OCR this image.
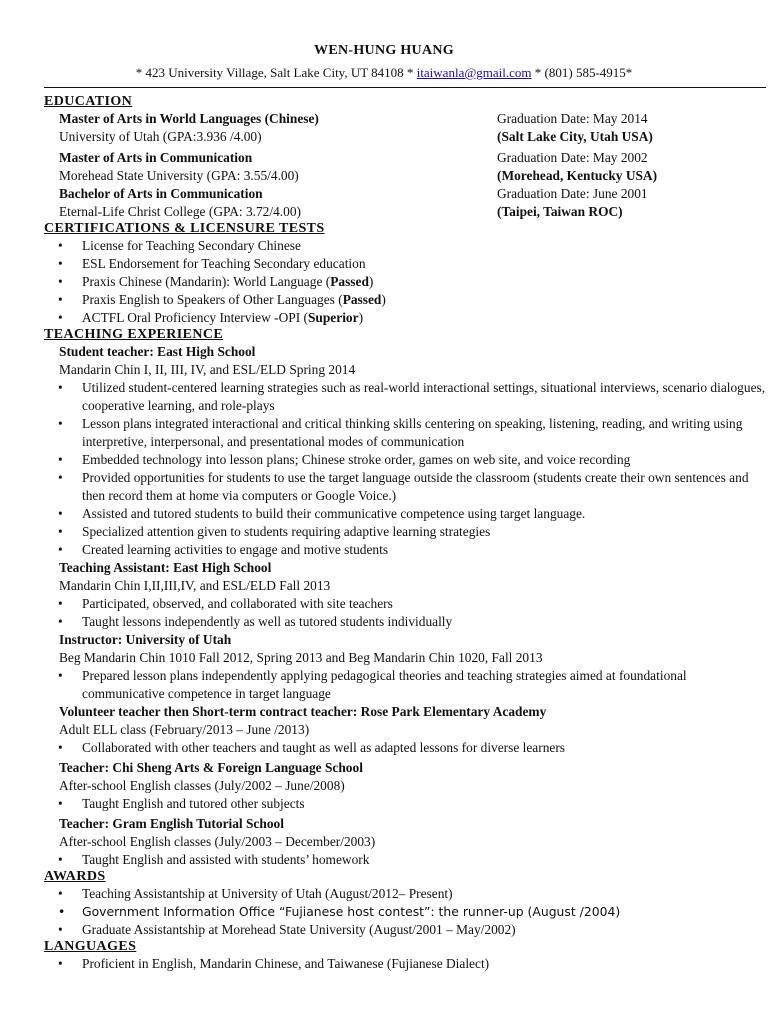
WEN-HUNG HUANG
* 423 University Village, Salt Lake City, UT 84108 * itaiwanla@gmail.com * (801) 585-4915*
EDUCATION
Master of Arts in World Languages (Chinese)	Graduation Date: May 2014
University of Utah (GPA:3.936 /4.00)	(Salt Lake City, Utah USA)
Master of Arts in Communication	Graduation Date: May 2002
Morehead State University (GPA: 3.55/4.00)	(Morehead, Kentucky USA)
Bachelor of Arts in Communication	Graduation Date: June 2001
Eternal-Life Christ College (GPA: 3.72/4.00)	(Taipei, Taiwan ROC)
CERTIFICATIONS & LICENSURE TESTS
• License for Teaching Secondary Chinese
• ESL Endorsement for Teaching Secondary education
• Praxis Chinese (Mandarin): World Language (Passed)
• Praxis English to Speakers of Other Languages (Passed)
• ACTFL Oral Proficiency Interview -OPI (Superior)
TEACHING EXPERIENCE
Student teacher: East High School
Mandarin Chin I, II, III, IV, and ESL/ELD Spring 2014
• Utilized student-centered learning strategies such as real-world interactional settings, situational interviews, scenario dialogues, cooperative learning, and role-plays
• Lesson plans integrated interactional and critical thinking skills centering on speaking, listening, reading, and writing using interpretive, interpersonal, and presentational modes of communication
• Embedded technology into lesson plans; Chinese stroke order, games on web site, and voice recording
• Provided opportunities for students to use the target language outside the classroom (students create their own sentences and then record them at home via computers or Google Voice.)
• Assisted and tutored students to build their communicative competence using target language.
• Specialized attention given to students requiring adaptive learning strategies
• Created learning activities to engage and motive students
Teaching Assistant: East High School
Mandarin Chin I,II,III,IV, and ESL/ELD Fall 2013
• Participated, observed, and collaborated with site teachers
• Taught lessons independently as well as tutored students individually
Instructor: University of Utah
Beg Mandarin Chin 1010 Fall 2012, Spring 2013 and Beg Mandarin Chin 1020, Fall 2013
• Prepared lesson plans independently applying pedagogical theories and teaching strategies aimed at foundational communicative competence in target language
Volunteer teacher then Short-term contract teacher: Rose Park Elementary Academy
Adult ELL class (February/2013 – June /2013)
• Collaborated with other teachers and taught as well as adapted lessons for diverse learners
Teacher: Chi Sheng Arts & Foreign Language School
After-school English classes (July/2002 – June/2008)
• Taught English and tutored other subjects
Teacher: Gram English Tutorial School
After-school English classes (July/2003 – December/2003)
• Taught English and assisted with students’ homework
AWARDS
• Teaching Assistantship at University of Utah (August/2012– Present)
• Government Information Office “Fujianese host contest”: the runner-up (August /2004)
• Graduate Assistantship at Morehead State University (August/2001 – May/2002)
LANGUAGES
• Proficient in English, Mandarin Chinese, and Taiwanese (Fujianese Dialect)
